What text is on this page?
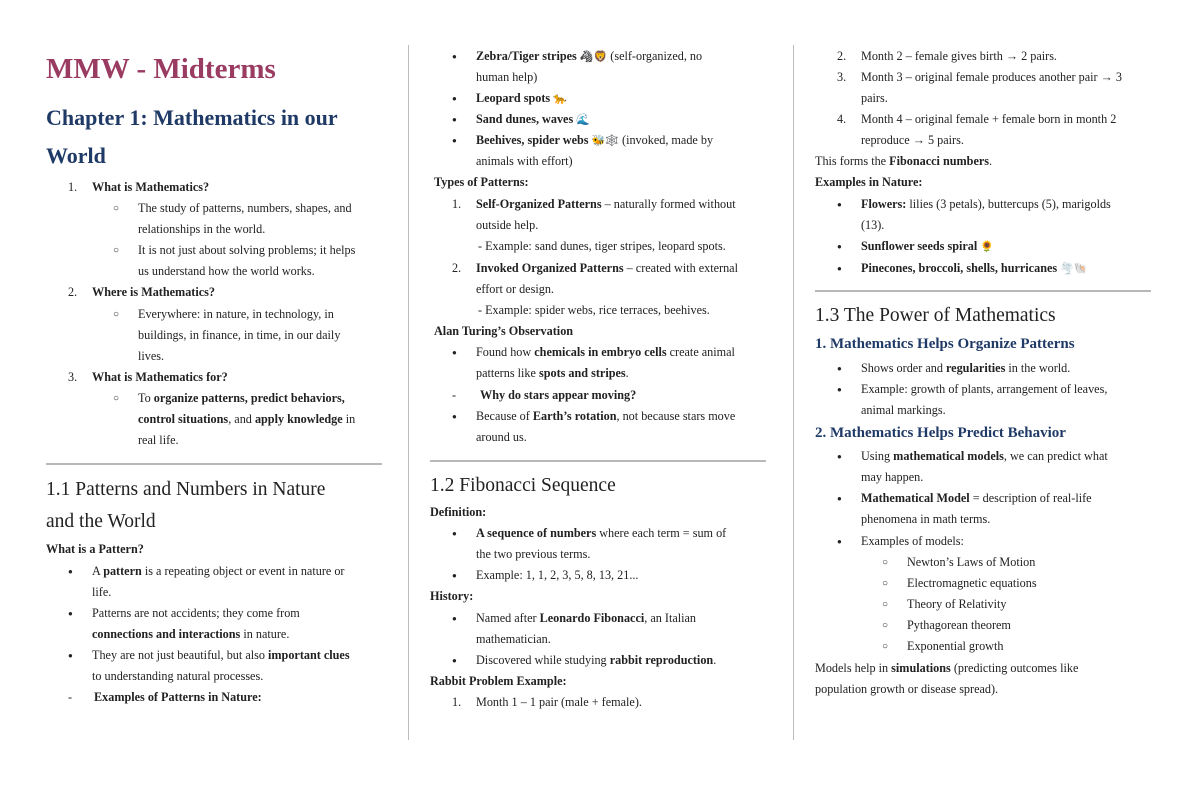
MMW - Midterms
Chapter 1: Mathematics in our
World
1. What is Mathematics?
○ The study of patterns, numbers, shapes, and
relationships in the world.
○ It is not just about solving problems; it helps
us understand how the world works.
2. Where is Mathematics?
○ Everywhere: in nature, in technology, in
buildings, in finance, in time, in our daily
lives.
3. What is Mathematics for?
○ To organize patterns, predict behaviors,
control situations, and apply knowledge in
real life.
1.1 Patterns and Numbers in Nature
and the World
What is a Pattern?
● A pattern is a repeating object or event in nature or
life.
● Patterns are not accidents; they come from
connections and interactions in nature.
● They are not just beautiful, but also important clues
to understanding natural processes.
- Examples of Patterns in Nature:
● Zebra/Tiger stripes 🦓🦁 (self-organized, no
human help)
● Leopard spots 🐆
● Sand dunes, waves 🌊
● Beehives, spider webs 🐝🕸️ (invoked, made by
animals with effort)
Types of Patterns:
1. Self-Organized Patterns – naturally formed without
outside help.
- Example: sand dunes, tiger stripes, leopard spots.
2. Invoked Organized Patterns – created with external
effort or design.
- Example: spider webs, rice terraces, beehives.
Alan Turing’s Observation
● Found how chemicals in embryo cells create animal
patterns like spots and stripes.
- Why do stars appear moving?
● Because of Earth’s rotation, not because stars move
around us.
1.2 Fibonacci Sequence
Definition:
● A sequence of numbers where each term = sum of
the two previous terms.
● Example: 1, 1, 2, 3, 5, 8, 13, 21...
History:
● Named after Leonardo Fibonacci, an Italian
mathematician.
● Discovered while studying rabbit reproduction.
Rabbit Problem Example:
1. Month 1 – 1 pair (male + female).
2. Month 2 – female gives birth → 2 pairs.
3. Month 3 – original female produces another pair → 3
pairs.
4. Month 4 – original female + female born in month 2
reproduce → 5 pairs.
This forms the Fibonacci numbers.
Examples in Nature:
● Flowers: lilies (3 petals), buttercups (5), marigolds
(13).
● Sunflower seeds spiral 🌻
● Pinecones, broccoli, shells, hurricanes 🌪️🐚
1.3 The Power of Mathematics
1. Mathematics Helps Organize Patterns
● Shows order and regularities in the world.
● Example: growth of plants, arrangement of leaves,
animal markings.
2. Mathematics Helps Predict Behavior
● Using mathematical models, we can predict what
may happen.
● Mathematical Model = description of real-life
phenomena in math terms.
● Examples of models:
○ Newton’s Laws of Motion
○ Electromagnetic equations
○ Theory of Relativity
○ Pythagorean theorem
○ Exponential growth
Models help in simulations (predicting outcomes like
population growth or disease spread).
